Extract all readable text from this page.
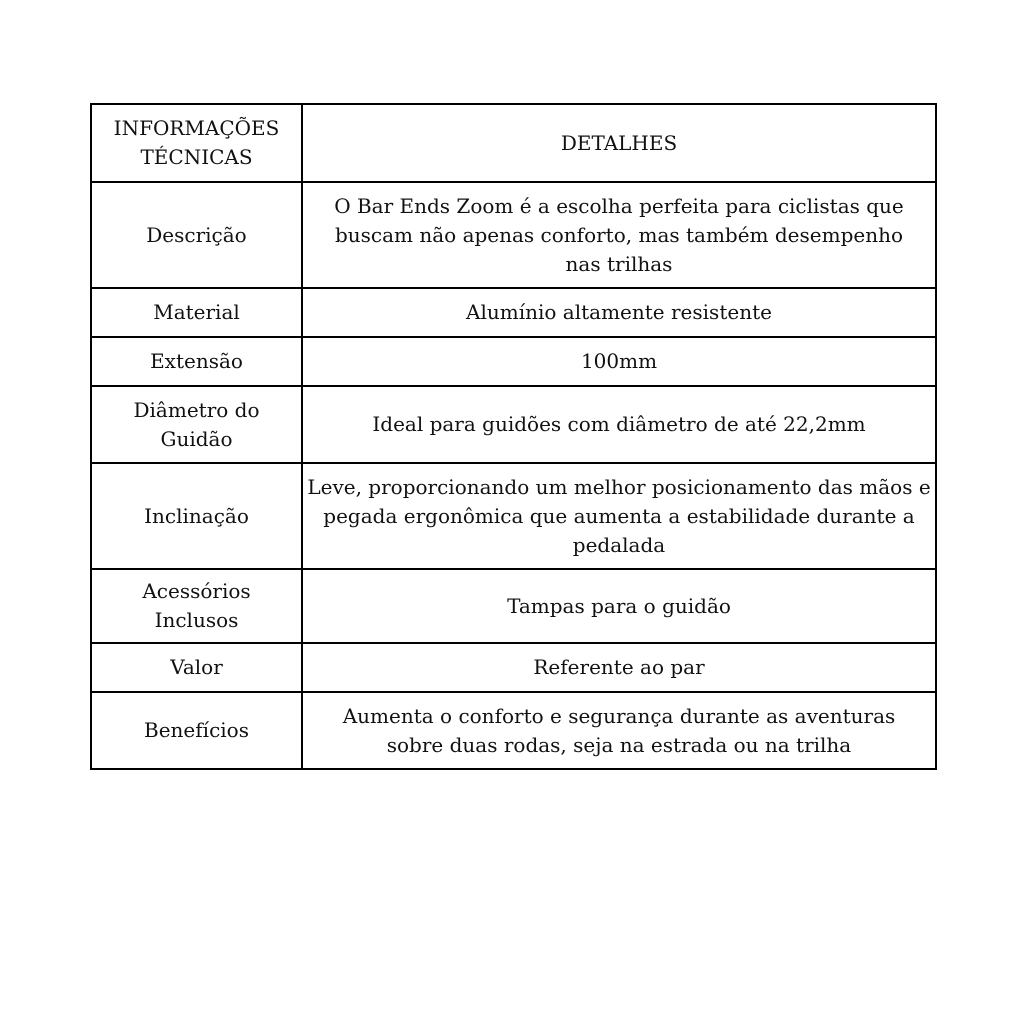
INFORMAÇÕES TÉCNICAS	DETALHES
Descrição	O Bar Ends Zoom é a escolha perfeita para ciclistas que buscam não apenas conforto, mas também desempenho nas trilhas
Material	Alumínio altamente resistente
Extensão	100mm
Diâmetro do Guidão	Ideal para guidões com diâmetro de até 22,2mm
Inclinação	Leve, proporcionando um melhor posicionamento das mãos e pegada ergonômica que aumenta a estabilidade durante a pedalada
Acessórios Inclusos	Tampas para o guidão
Valor	Referente ao par
Benefícios	Aumenta o conforto e segurança durante as aventuras sobre duas rodas, seja na estrada ou na trilha
